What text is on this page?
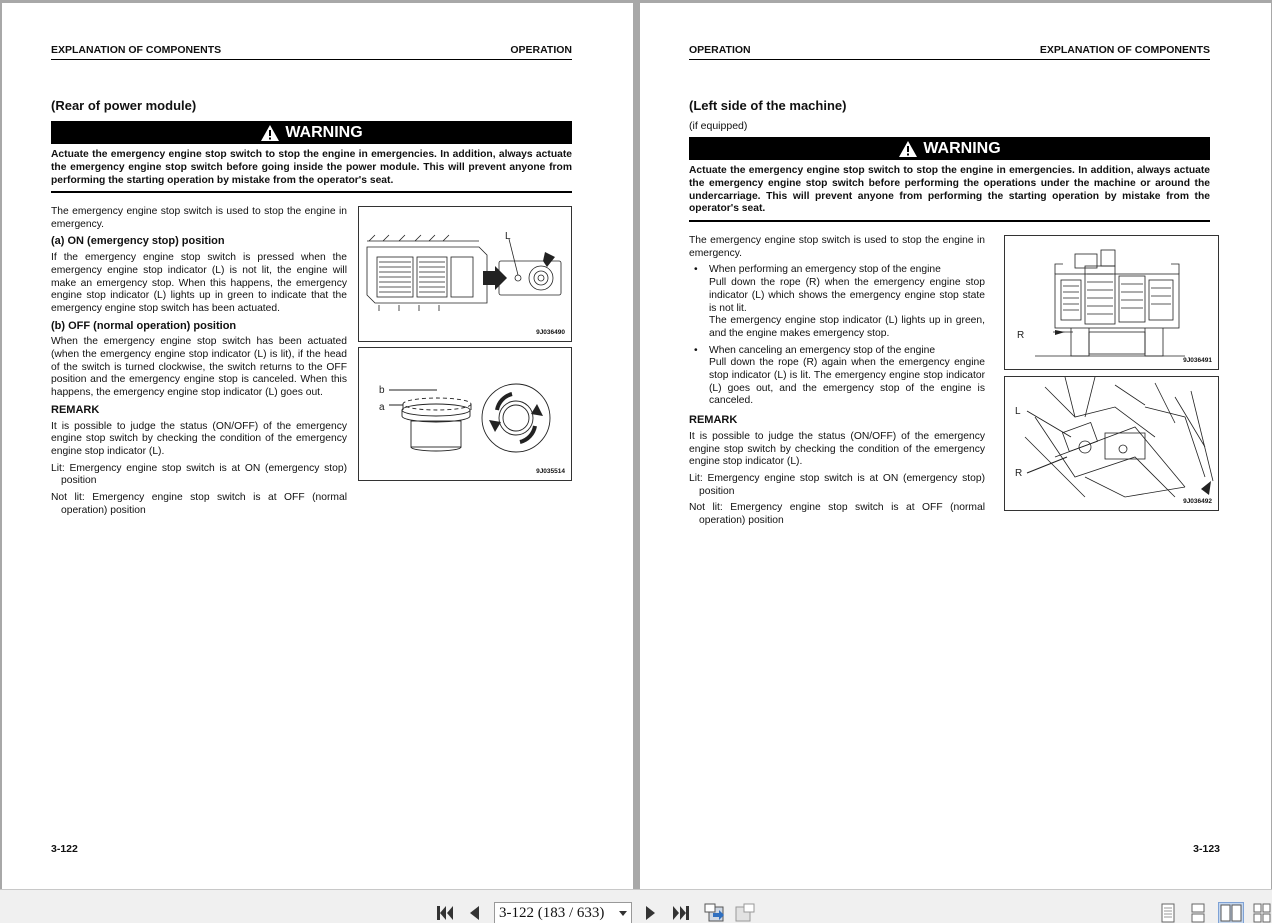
EXPLANATION OF COMPONENTS	OPERATION
(Rear of power module)
WARNING
Actuate the emergency engine stop switch to stop the engine in emergencies. In addition, always actuate the emergency engine stop switch before going inside the power module. This will prevent anyone from performing the starting operation by mistake from the operator's seat.

The emergency engine stop switch is used to stop the engine in emergency.

(a) ON (emergency stop) position

If the emergency engine stop switch is pressed when the emergency engine stop indicator (L) is not lit, the engine will make an emergency stop. When this happens, the emergency engine stop indicator (L) lights up in green to indicate that the emergency engine stop switch has been actuated.

(b) OFF (normal operation) position

When the emergency engine stop switch has been actuated (when the emergency engine stop indicator (L) is lit), if the head of the switch is turned clockwise, the switch returns to the OFF position and the emergency engine stop is canceled. When this happens, the emergency engine stop indicator (L) goes out.

REMARK

It is possible to judge the status (ON/OFF) of the emergency engine stop switch by checking the condition of the emergency engine stop indicator (L).

Lit: Emergency engine stop switch is at ON (emergency stop) position

Not lit: Emergency engine stop switch is at OFF (normal operation) position

L
9J036490
b
a
9J035514
3-122
OPERATION	EXPLANATION OF COMPONENTS
(Left side of the machine)
(if equipped)
WARNING
Actuate the emergency engine stop switch to stop the engine in emergencies. In addition, always actuate the emergency engine stop switch before performing the operations under the machine or around the undercarriage. This will prevent anyone from performing the starting operation by mistake from the operator's seat.

The emergency engine stop switch is used to stop the engine in emergency.

• When performing an emergency stop of the engine
Pull down the rope (R) when the emergency engine stop indicator (L) which shows the emergency engine stop state is not lit.
The emergency engine stop indicator (L) lights up in green, and the engine makes emergency stop.
• When canceling an emergency stop of the engine
Pull down the rope (R) again when the emergency engine stop indicator (L) is lit. The emergency engine stop indicator (L) goes out, and the emergency stop of the engine is canceled.
REMARK

It is possible to judge the status (ON/OFF) of the emergency engine stop switch by checking the condition of the emergency engine stop indicator (L).

Lit: Emergency engine stop switch is at ON (emergency stop) position

Not lit: Emergency engine stop switch is at OFF (normal operation) position

R
9J036491
L
R
9J036492
3-123
3-122 (183 / 633)
